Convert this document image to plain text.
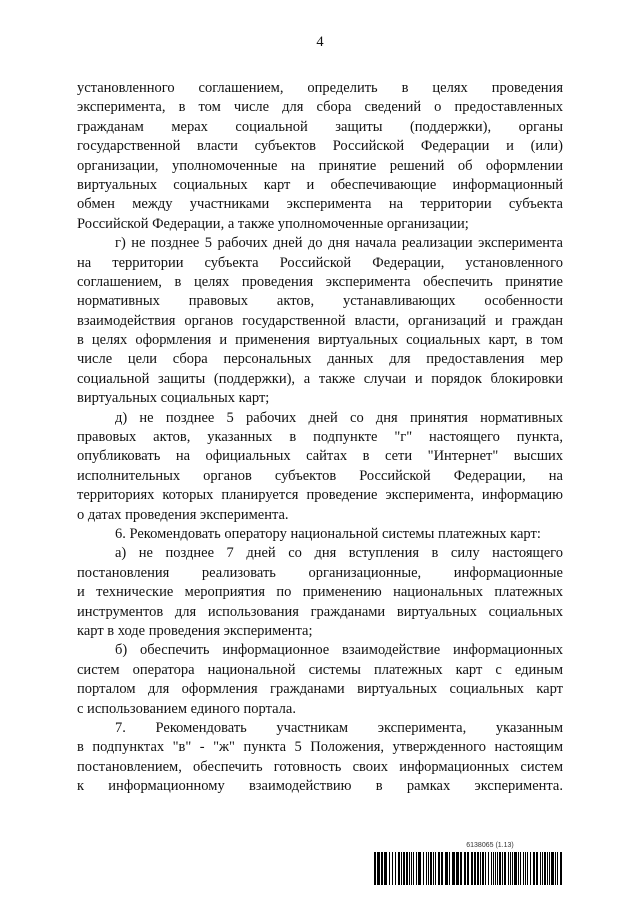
4
установленного соглашением, определить в целях проведения
эксперимента, в том числе для сбора сведений о предоставленных
гражданам мерах социальной защиты (поддержки), органы
государственной власти субъектов Российской Федерации и (или)
организации, уполномоченные на принятие решений об оформлении
виртуальных социальных карт и обеспечивающие информационный
обмен между участниками эксперимента на территории субъекта
Российской Федерации, а также уполномоченные организации;
г) не позднее 5 рабочих дней до дня начала реализации эксперимента
на территории субъекта Российской Федерации, установленного
соглашением, в целях проведения эксперимента обеспечить принятие
нормативных правовых актов, устанавливающих особенности
взаимодействия органов государственной власти, организаций и граждан
в целях оформления и применения виртуальных социальных карт, в том
числе цели сбора персональных данных для предоставления мер
социальной защиты (поддержки), а также случаи и порядок блокировки
виртуальных социальных карт;
д) не позднее 5 рабочих дней со дня принятия нормативных
правовых актов, указанных в подпункте "г" настоящего пункта,
опубликовать на официальных сайтах в сети "Интернет" высших
исполнительных органов субъектов Российской Федерации, на
территориях которых планируется проведение эксперимента, информацию
о датах проведения эксперимента.
6. Рекомендовать оператору национальной системы платежных карт:
а) не позднее 7 дней со дня вступления в силу настоящего
постановления реализовать организационные, информационные
и технические мероприятия по применению национальных платежных
инструментов для использования гражданами виртуальных социальных
карт в ходе проведения эксперимента;
б) обеспечить информационное взаимодействие информационных
систем оператора национальной системы платежных карт с единым
порталом для оформления гражданами виртуальных социальных карт
с использованием единого портала.
7. Рекомендовать участникам эксперимента, указанным
в подпунктах "в" - "ж" пункта 5 Положения, утвержденного настоящим
постановлением, обеспечить готовность своих информационных систем
к информационному взаимодействию в рамках эксперимента.
6138065 (1.13)
